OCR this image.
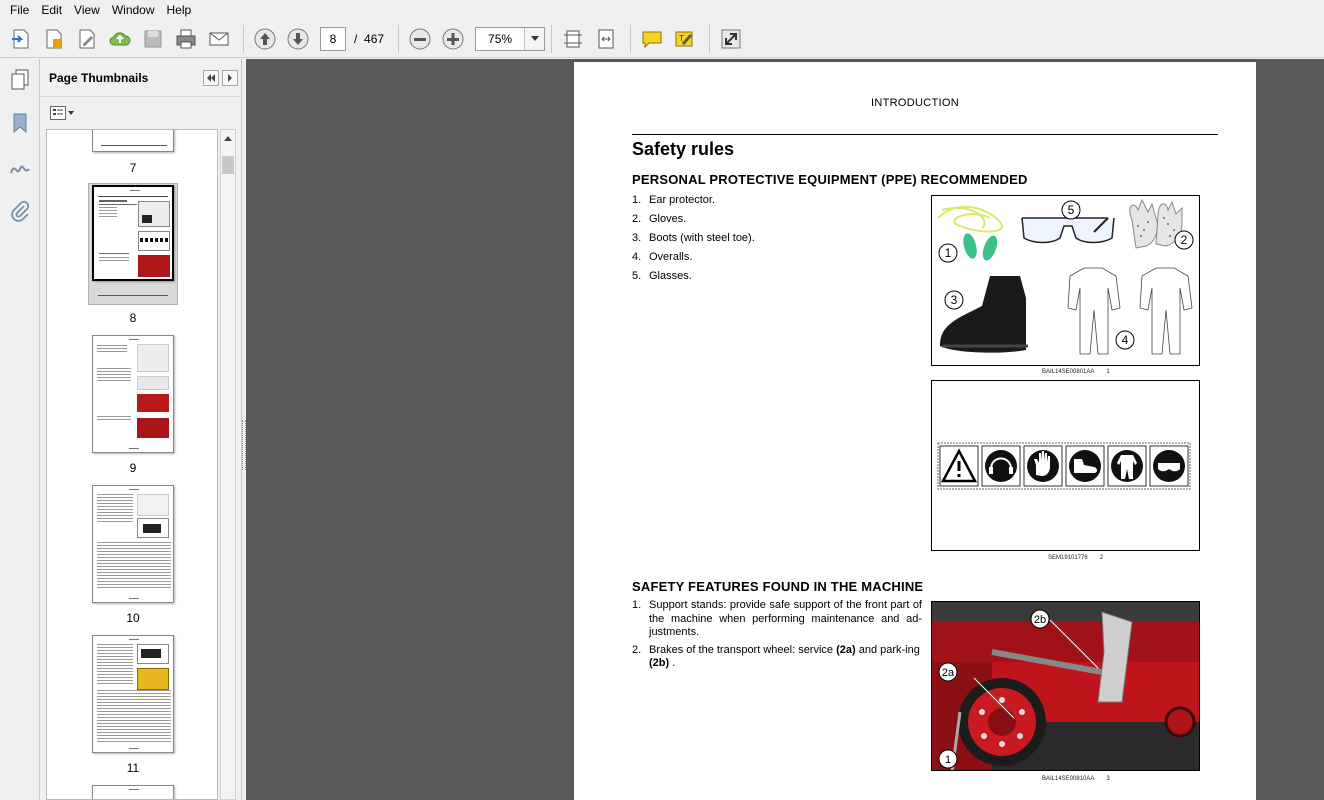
File	Edit	View	Window	Help
8	/ 467	75%	T
Page Thumbnails
7
8
9
10
11
INTRODUCTION
Safety rules
PERSONAL PROTECTIVE EQUIPMENT (PPE) RECOMMENDED
1. Ear protector.
2. Gloves.
3. Boots (with steel toe).
4. Overalls.
5. Glasses.
1
2
3
4
5
BAIL14SE00801AA 1
SEM19101776 2
SAFETY FEATURES FOUND IN THE MACHINE
1. Support stands: provide safe support of the front part of the machine when performing maintenance and ad-justments.
2. Brakes of the transport wheel: service (2a) and park-ing (2b) .
2b
2a
1
BAIL14SE00810AA 3
